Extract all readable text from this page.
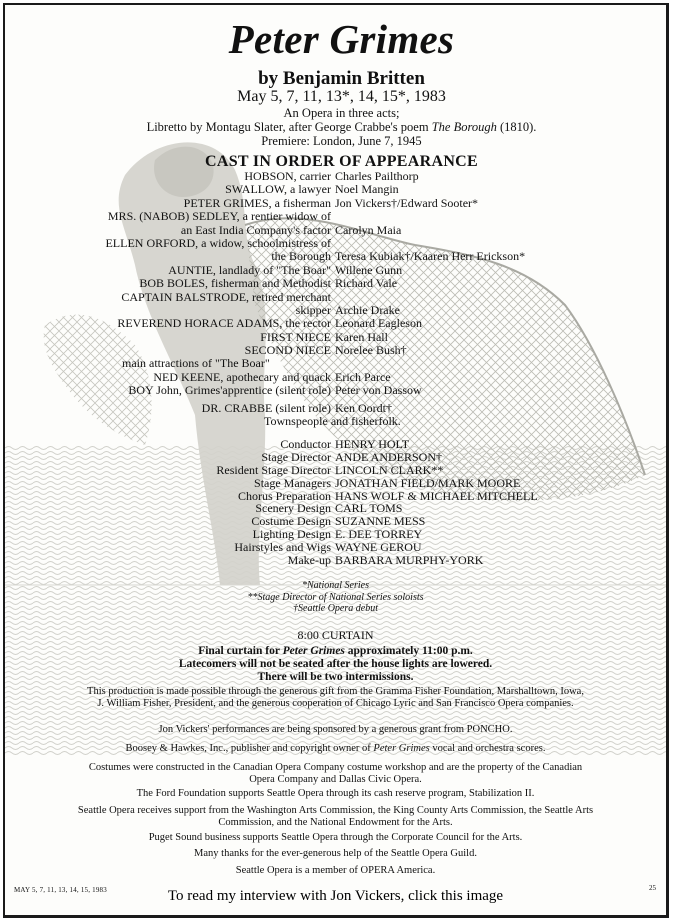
Peter Grimes
by Benjamin Britten
May 5, 7, 11, 13*, 14, 15*, 1983
An Opera in three acts;
Libretto by Montagu Slater, after George Crabbe's poem The Borough (1810).
Premiere: London, June 7, 1945
CAST IN ORDER OF APPEARANCE
HOBSON, carrier Charles Pailthorp
SWALLOW, a lawyer Noel Mangin
PETER GRIMES, a fisherman Jon Vickers†/Edward Sooter*
MRS. (NABOB) SEDLEY, a rentier widow of
an East India Company's factor Carolyn Maia
ELLEN ORFORD, a widow, schoolmistress of
the Borough Teresa Kubiak†/Kaaren Herr Erickson*
AUNTIE, landlady of "The Boar" Willene Gunn
BOB BOLES, fisherman and Methodist Richard Vale
CAPTAIN BALSTRODE, retired merchant
skipper Archie Drake
REVEREND HORACE ADAMS, the rector Leonard Eagleson
FIRST NIECE Karen Hall
SECOND NIECE Norelee Bush†
main attractions of "The Boar"
NED KEENE, apothecary and quack Erich Parce
BOY John, Grimes'apprentice (silent role) Peter von Dassow
DR. CRABBE (silent role) Ken Oordt†
Townspeople and fisherfolk.
Conductor HENRY HOLT
Stage Director ANDE ANDERSON†
Resident Stage Director LINCOLN CLARK**
Stage Managers JONATHAN FIELD/MARK MOORE
Chorus Preparation HANS WOLF & MICHAEL MITCHELL
Scenery Design CARL TOMS
Costume Design SUZANNE MESS
Lighting Design E. DEE TORREY
Hairstyles and Wigs WAYNE GEROU
Make-up BARBARA MURPHY-YORK
*National Series
**Stage Director of National Series soloists
†Seattle Opera debut
8:00 CURTAIN
Final curtain for Peter Grimes approximately 11:00 p.m.
Latecomers will not be seated after the house lights are lowered.
There will be two intermissions.
This production is made possible through the generous gift from the Gramma Fisher Foundation, Marshalltown, Iowa, J. William Fisher, President, and the generous cooperation of Chicago Lyric and San Francisco Opera companies.
Jon Vickers' performances are being sponsored by a generous grant from PONCHO.
Boosey & Hawkes, Inc., publisher and copyright owner of Peter Grimes vocal and orchestra scores.
Costumes were constructed in the Canadian Opera Company costume workshop and are the property of the Canadian Opera Company and Dallas Civic Opera.
The Ford Foundation supports Seattle Opera through its cash reserve program, Stabilization II.
Seattle Opera receives support from the Washington Arts Commission, the King County Arts Commission, the Seattle Arts Commission, and the National Endowment for the Arts.
Puget Sound business supports Seattle Opera through the Corporate Council for the Arts.
Many thanks for the ever-generous help of the Seattle Opera Guild.
Seattle Opera is a member of OPERA America.
MAY 5, 7, 11, 13, 14, 15, 1983	25
To read my interview with Jon Vickers, click this image
